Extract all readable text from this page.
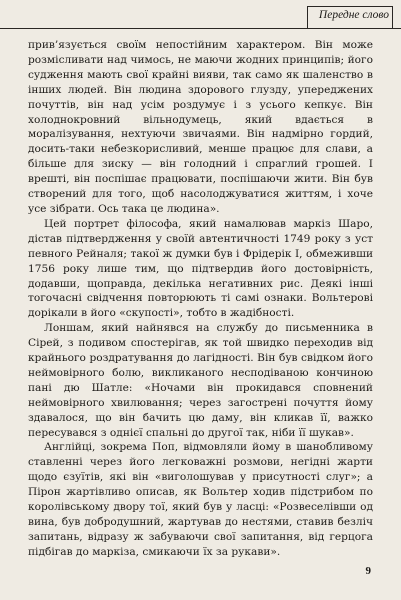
Передне слово

прив’язується своїм непостійним характером. Він може розмісливати над чимось, не маючи жодних принципів; його судження мають свої крайні вияви, так само як шаленство в інших людей. Він людина здорового глузду, упереджених почуттів, він над усім роздумує і з усього кепкує. Він холоднокровний вільнодумець, який вдається в моралізування, нехтуючи звичаями. Він надмірно гордий, досить-таки небезкорисливий, менше працює для слави, а більше для зиску — він голодний і спраглий грошей. І врешті, він поспішає працювати, поспішаючи жити. Він був створений для того, щоб насолоджуватися життям, і хоче усе зібрати. Ось така це людина».

Цей портрет філософа, який намалював маркіз Шаро, дістав підтвердження у своїй автентичності 1749 року з уст певного Рейналя; такої ж думки був і Фрідерік І, обмеживши 1756 року лише тим, що підтвердив його достовірність, додавши, щоправда, декілька негативних рис. Деякі інші тогочасні свідчення повторюють ті самі ознаки. Вольтерові дорікали в його «скупості», тобто в жадібності.

Лоншам, який найнявся на службу до письменника в Сірей, з подивом спостерігав, як той швидко переходив від крайнього роздратування до лагідності. Він був свідком його неймовірного болю, викликаного несподіваною кончиною пані дю Шатле: «Ночами він прокидався сповнений неймовірного хвилювання; через загострені почуття йому здавалося, що він бачить цю даму, він кликав її, важко пересувався з однієї спальні до другої так, ніби її шукав».

Англійці, зокрема Поп, відмовляли йому в шанобливому ставленні через його легковажні розмови, негідні жарти щодо єзуїтів, які він «виголошував у присутності слуг»; а Пірон жартівливо описав, як Вольтер ходив підстрибом по королівському двору тої, який був у ласці: «Розвеселівши од вина, був добродушний, жартував до нестями, ставив безліч запитань, відразу ж забуваючи свої запитання, від герцога підбігав до маркіза, смикаючи їх за рукави».

9
